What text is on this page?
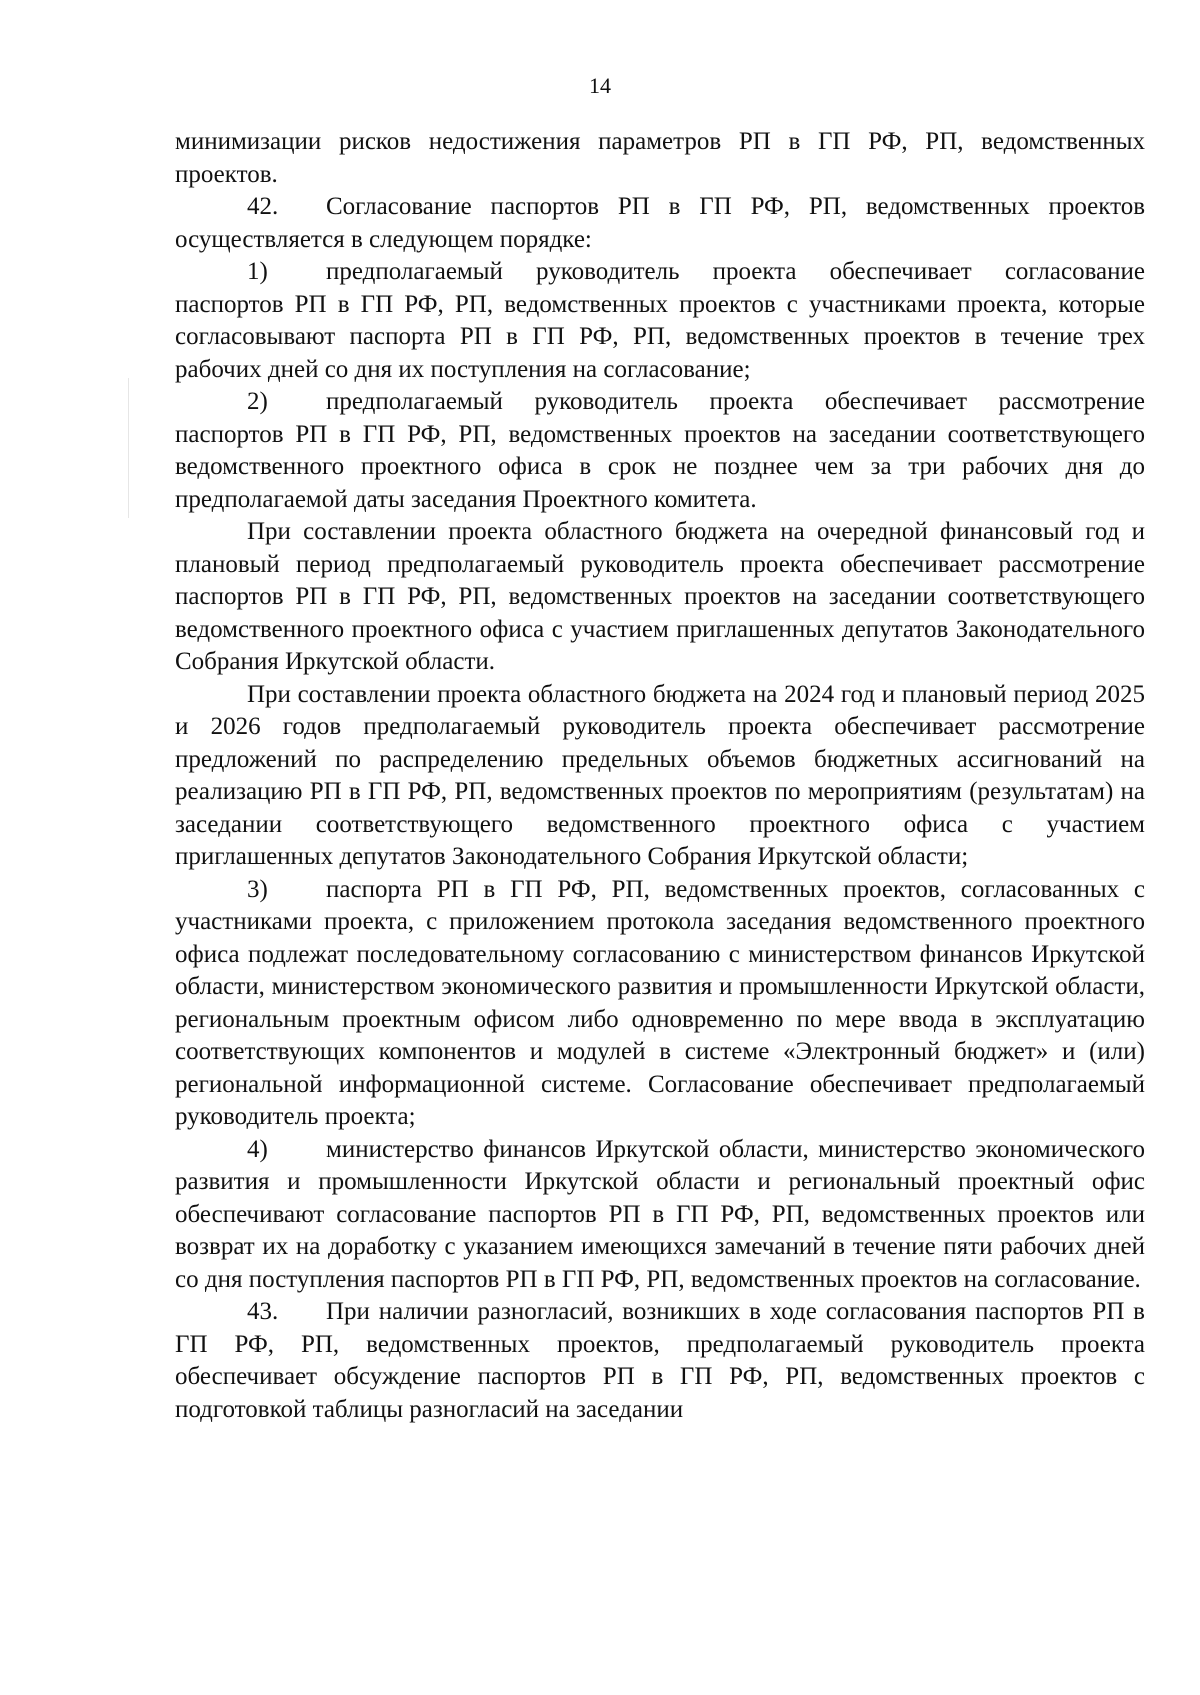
14

минимизации рисков недостижения параметров РП в ГП РФ, РП, ведомственных проектов.

42. Согласование паспортов РП в ГП РФ, РП, ведомственных проектов осуществляется в следующем порядке:

1) предполагаемый руководитель проекта обеспечивает согласование паспортов РП в ГП РФ, РП, ведомственных проектов с участниками проекта, которые согласовывают паспорта РП в ГП РФ, РП, ведомственных проектов в течение трех рабочих дней со дня их поступления на согласование;

2) предполагаемый руководитель проекта обеспечивает рассмотрение паспортов РП в ГП РФ, РП, ведомственных проектов на заседании соответствующего ведомственного проектного офиса в срок не позднее чем за три рабочих дня до предполагаемой даты заседания Проектного комитета.

При составлении проекта областного бюджета на очередной финансовый год и плановый период предполагаемый руководитель проекта обеспечивает рассмотрение паспортов РП в ГП РФ, РП, ведомственных проектов на заседании соответствующего ведомственного проектного офиса с участием приглашенных депутатов Законодательного Собрания Иркутской области.

При составлении проекта областного бюджета на 2024 год и плановый период 2025 и 2026 годов предполагаемый руководитель проекта обеспечивает рассмотрение предложений по распределению предельных объемов бюджетных ассигнований на реализацию РП в ГП РФ, РП, ведомственных проектов по мероприятиям (результатам) на заседании соответствующего ведомственного проектного офиса с участием приглашенных депутатов Законодательного Собрания Иркутской области;

3) паспорта РП в ГП РФ, РП, ведомственных проектов, согласованных с участниками проекта, с приложением протокола заседания ведомственного проектного офиса подлежат последовательному согласованию с министерством финансов Иркутской области, министерством экономического развития и промышленности Иркутской области, региональным проектным офисом либо одновременно по мере ввода в эксплуатацию соответствующих компонентов и модулей в системе «Электронный бюджет» и (или) региональной информационной системе. Согласование обеспечивает предполагаемый руководитель проекта;

4) министерство финансов Иркутской области, министерство экономического развития и промышленности Иркутской области и региональный проектный офис обеспечивают согласование паспортов РП в ГП РФ, РП, ведомственных проектов или возврат их на доработку с указанием имеющихся замечаний в течение пяти рабочих дней со дня поступления паспортов РП в ГП РФ, РП, ведомственных проектов на согласование.

43. При наличии разногласий, возникших в ходе согласования паспортов РП в ГП РФ, РП, ведомственных проектов, предполагаемый руководитель проекта обеспечивает обсуждение паспортов РП в ГП РФ, РП, ведомственных проектов с подготовкой таблицы разногласий на заседании
